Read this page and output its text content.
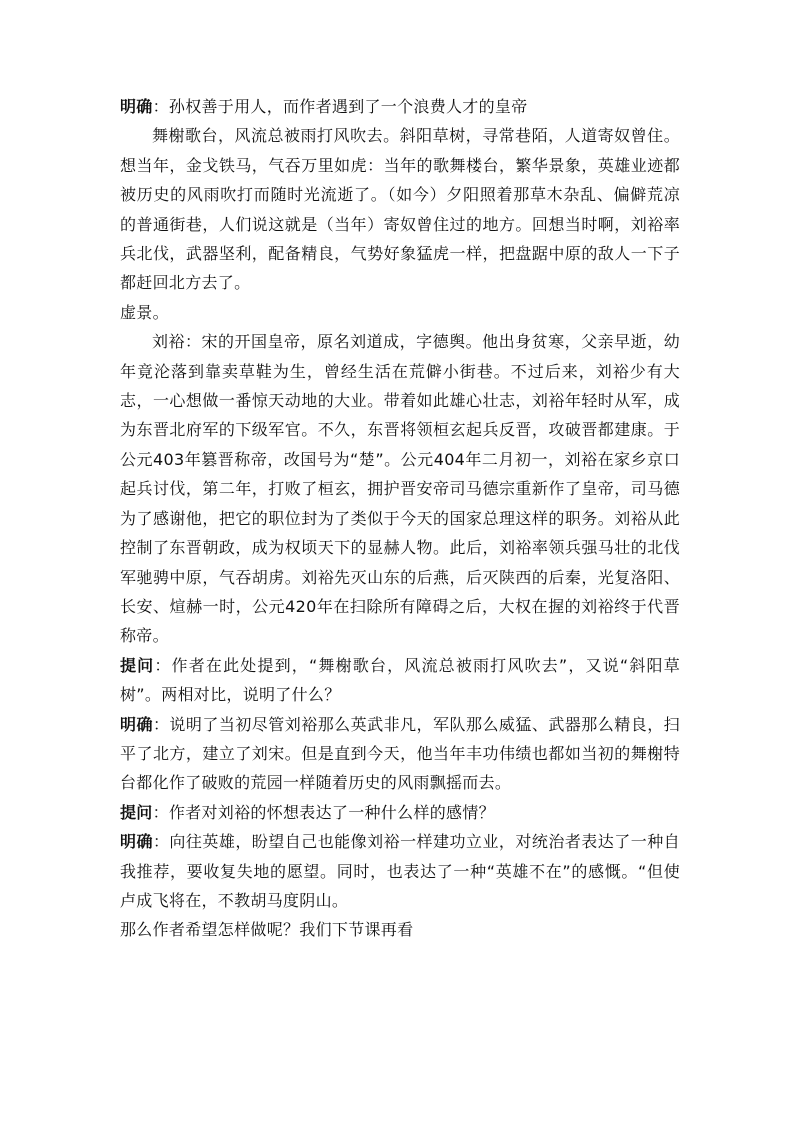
明确：孙权善于用人，而作者遇到了一个浪费人才的皇帝

舞榭歌台，风流总被雨打风吹去。斜阳草树，寻常巷陌，人道寄奴曾住。想当年，金戈铁马，气吞万里如虎：当年的歌舞楼台，繁华景象，英雄业迹都被历史的风雨吹打而随时光流逝了。（如今）夕阳照着那草木杂乱、偏僻荒凉的普通街巷，人们说这就是（当年）寄奴曾住过的地方。回想当时啊，刘裕率兵北伐，武器坚利，配备精良，气势好象猛虎一样，把盘踞中原的敌人一下子都赶回北方去了。

虚景。

刘裕：宋的开国皇帝，原名刘道成，字德舆。他出身贫寒，父亲早逝，幼年竟沦落到靠卖草鞋为生，曾经生活在荒僻小街巷。不过后来，刘裕少有大志，一心想做一番惊天动地的大业。带着如此雄心壮志，刘裕年轻时从军，成为东晋北府军的下级军官。不久，东晋将领桓玄起兵反晋，攻破晋都建康。于公元403年篡晋称帝，改国号为“楚”。公元404年二月初一，刘裕在家乡京口起兵讨伐，第二年，打败了桓玄，拥护晋安帝司马德宗重新作了皇帝，司马德为了感谢他，把它的职位封为了类似于今天的国家总理这样的职务。刘裕从此控制了东晋朝政，成为权顷天下的显赫人物。此后，刘裕率领兵强马壮的北伐军驰骋中原，气吞胡虏。刘裕先灭山东的后燕，后灭陕西的后秦，光复洛阳、长安、煊赫一时，公元420年在扫除所有障碍之后，大权在握的刘裕终于代晋称帝。

提问：作者在此处提到，“舞榭歌台，风流总被雨打风吹去”，又说“斜阳草树”。两相对比，说明了什么？

明确：说明了当初尽管刘裕那么英武非凡，军队那么威猛、武器那么精良，扫平了北方，建立了刘宋。但是直到今天，他当年丰功伟绩也都如当初的舞榭特台都化作了破败的荒园一样随着历史的风雨飘摇而去。

提问：作者对刘裕的怀想表达了一种什么样的感情？

明确：向往英雄，盼望自己也能像刘裕一样建功立业，对统治者表达了一种自我推荐，要收复失地的愿望。同时，也表达了一种“英雄不在”的感慨。“但使卢成飞将在，不教胡马度阴山。

那么作者希望怎样做呢？我们下节课再看
